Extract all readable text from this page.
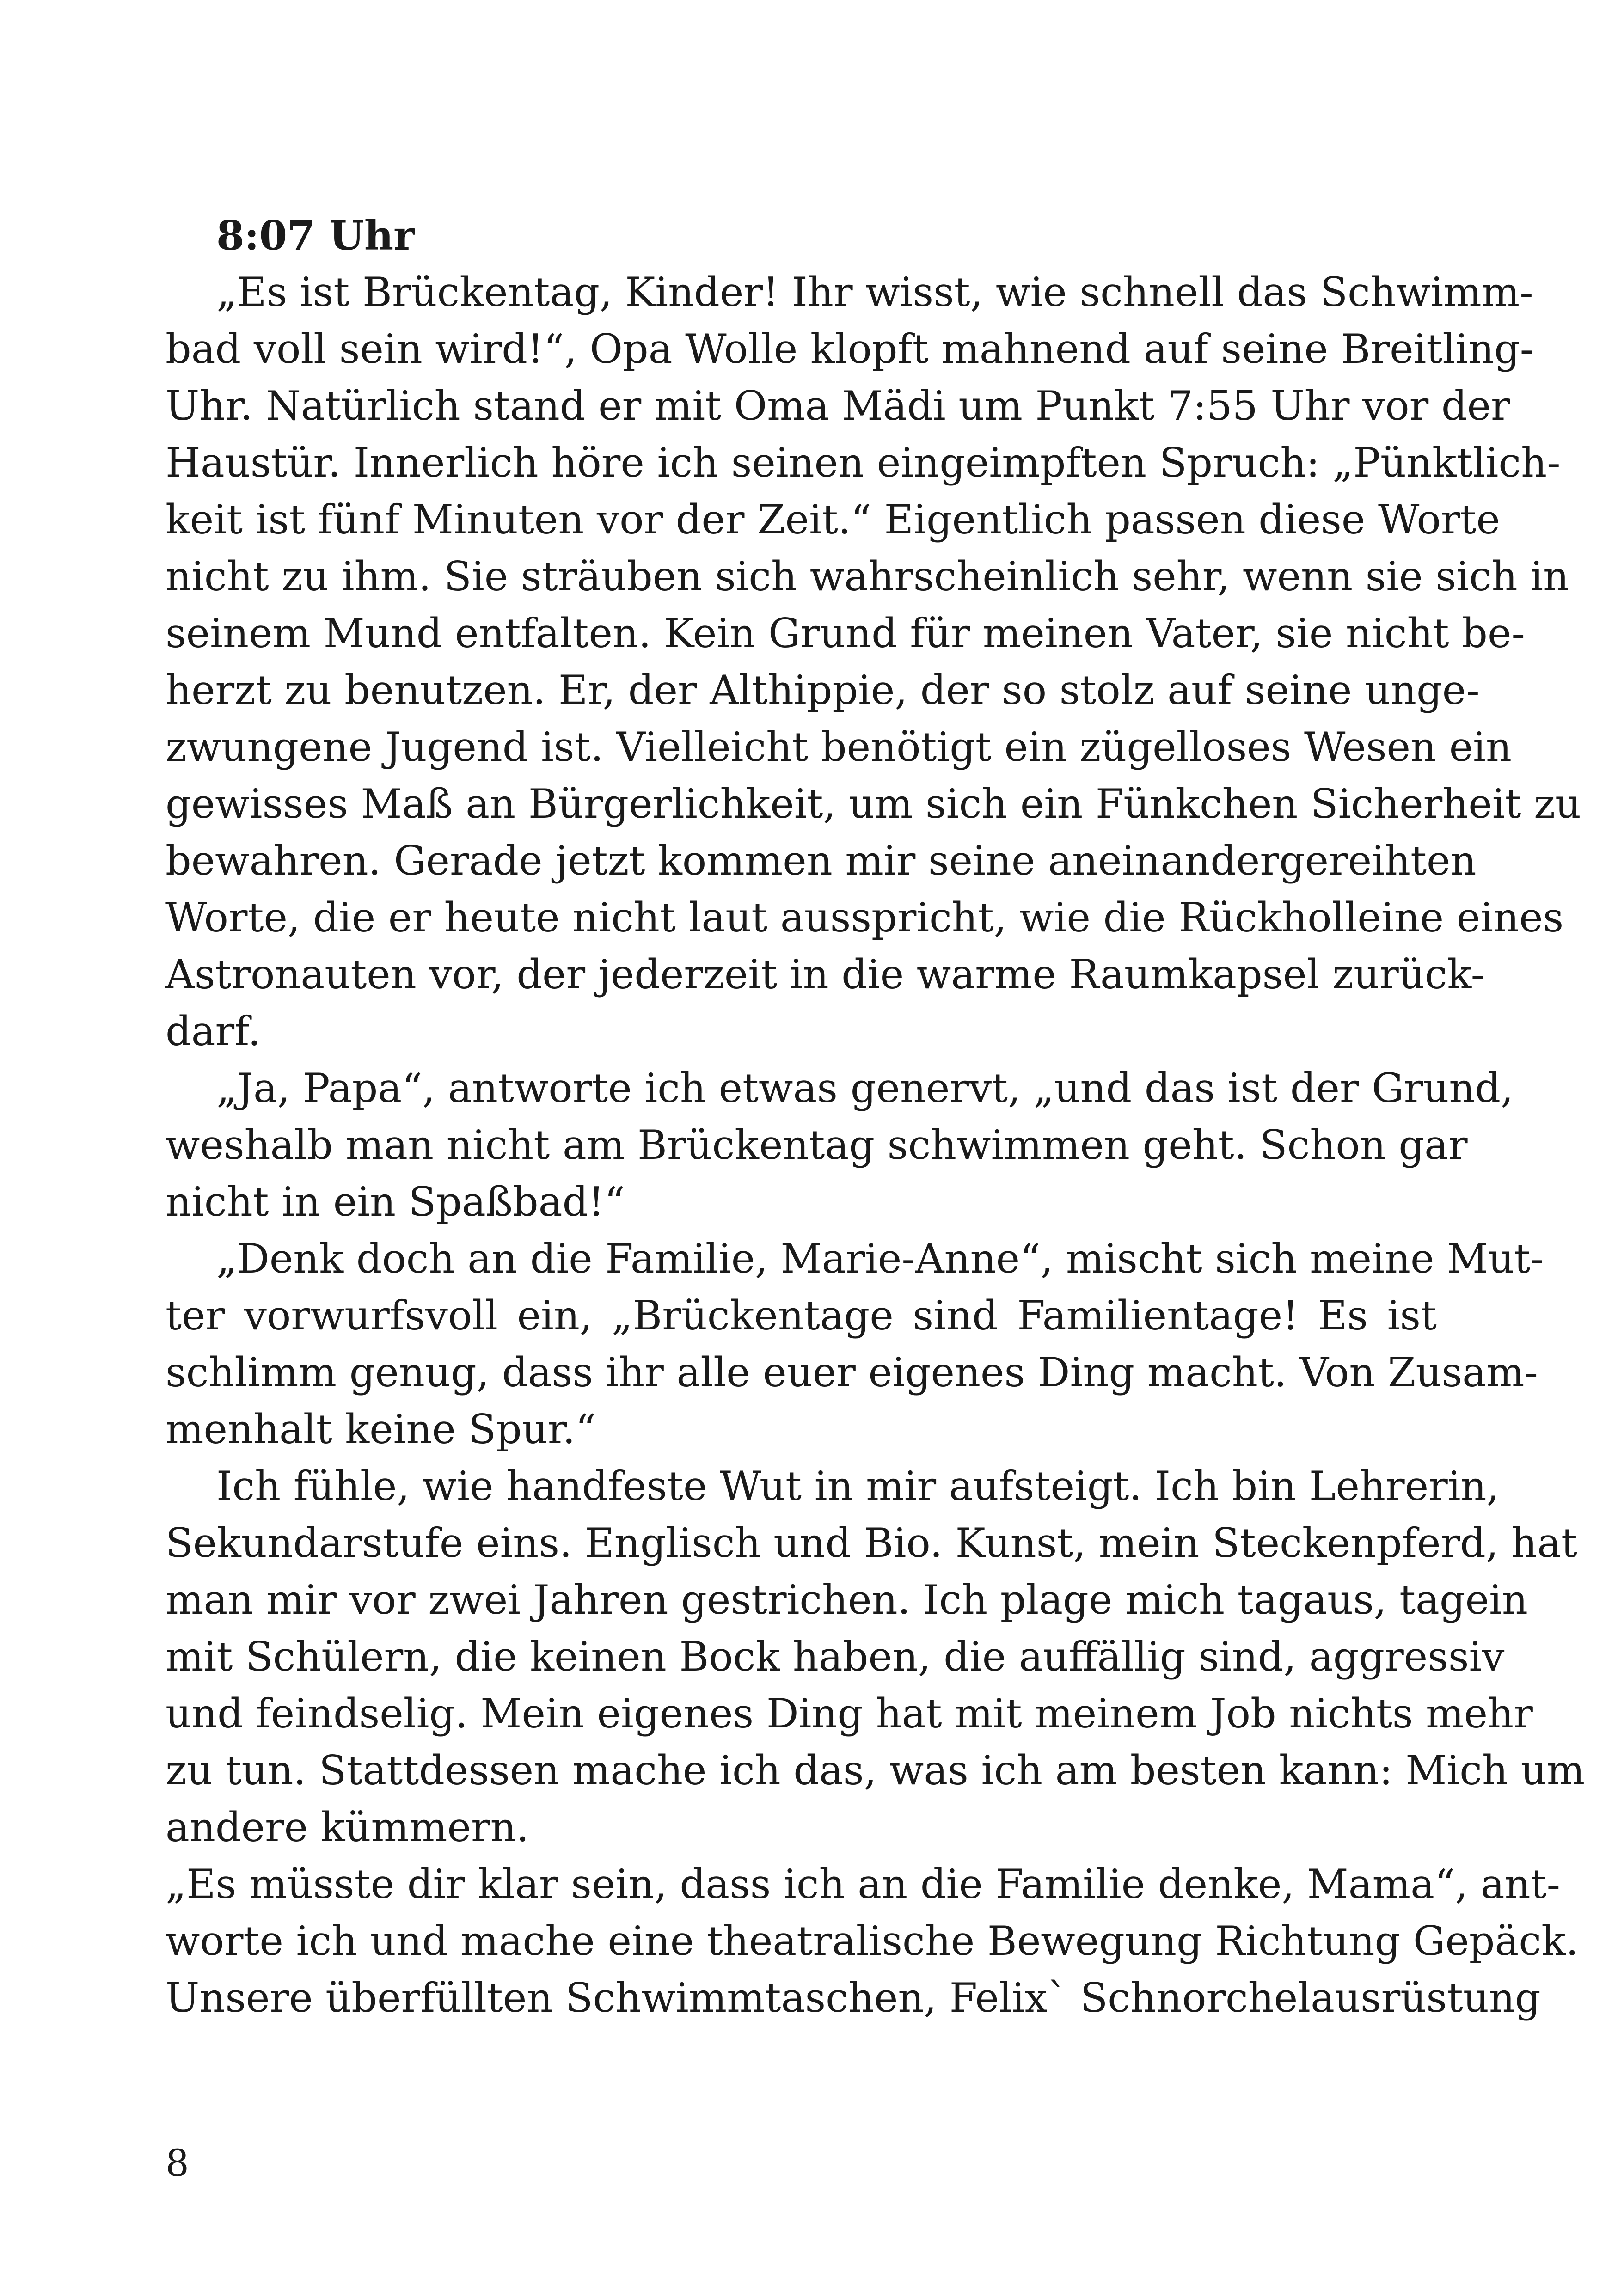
8:07 Uhr
„Es ist Brückentag, Kinder! Ihr wisst, wie schnell das Schwimm-
bad voll sein wird!“, Opa Wolle klopft mahnend auf seine Breitling-
Uhr. Natürlich stand er mit Oma Mädi um Punkt 7:55 Uhr vor der
Haustür. Innerlich höre ich seinen eingeimpften Spruch: „Pünktlich-
keit ist fünf Minuten vor der Zeit.“ Eigentlich passen diese Worte
nicht zu ihm. Sie sträuben sich wahrscheinlich sehr, wenn sie sich in
seinem Mund entfalten. Kein Grund für meinen Vater, sie nicht be-
herzt zu benutzen. Er, der Althippie, der so stolz auf seine unge-
zwungene Jugend ist. Vielleicht benötigt ein zügelloses Wesen ein
gewisses Maß an Bürgerlichkeit, um sich ein Fünkchen Sicherheit zu
bewahren. Gerade jetzt kommen mir seine aneinandergereihten
Worte, die er heute nicht laut ausspricht, wie die Rückholleine eines
Astronauten vor, der jederzeit in die warme Raumkapsel zurück-
darf.
„Ja, Papa“, antworte ich etwas genervt, „und das ist der Grund,
weshalb man nicht am Brückentag schwimmen geht. Schon gar
nicht in ein Spaßbad!“
„Denk doch an die Familie, Marie-Anne“, mischt sich meine Mut-
ter vorwurfsvoll ein, „Brückentage sind Familientage! Es ist
schlimm genug, dass ihr alle euer eigenes Ding macht. Von Zusam-
menhalt keine Spur.“
Ich fühle, wie handfeste Wut in mir aufsteigt. Ich bin Lehrerin,
Sekundarstufe eins. Englisch und Bio. Kunst, mein Steckenpferd, hat
man mir vor zwei Jahren gestrichen. Ich plage mich tagaus, tagein
mit Schülern, die keinen Bock haben, die auffällig sind, aggressiv
und feindselig. Mein eigenes Ding hat mit meinem Job nichts mehr
zu tun. Stattdessen mache ich das, was ich am besten kann: Mich um
andere kümmern.
„Es müsste dir klar sein, dass ich an die Familie denke, Mama“, ant-
worte ich und mache eine theatralische Bewegung Richtung Gepäck.
Unsere überfüllten Schwimmtaschen, Felix` Schnorchelausrüstung
8
